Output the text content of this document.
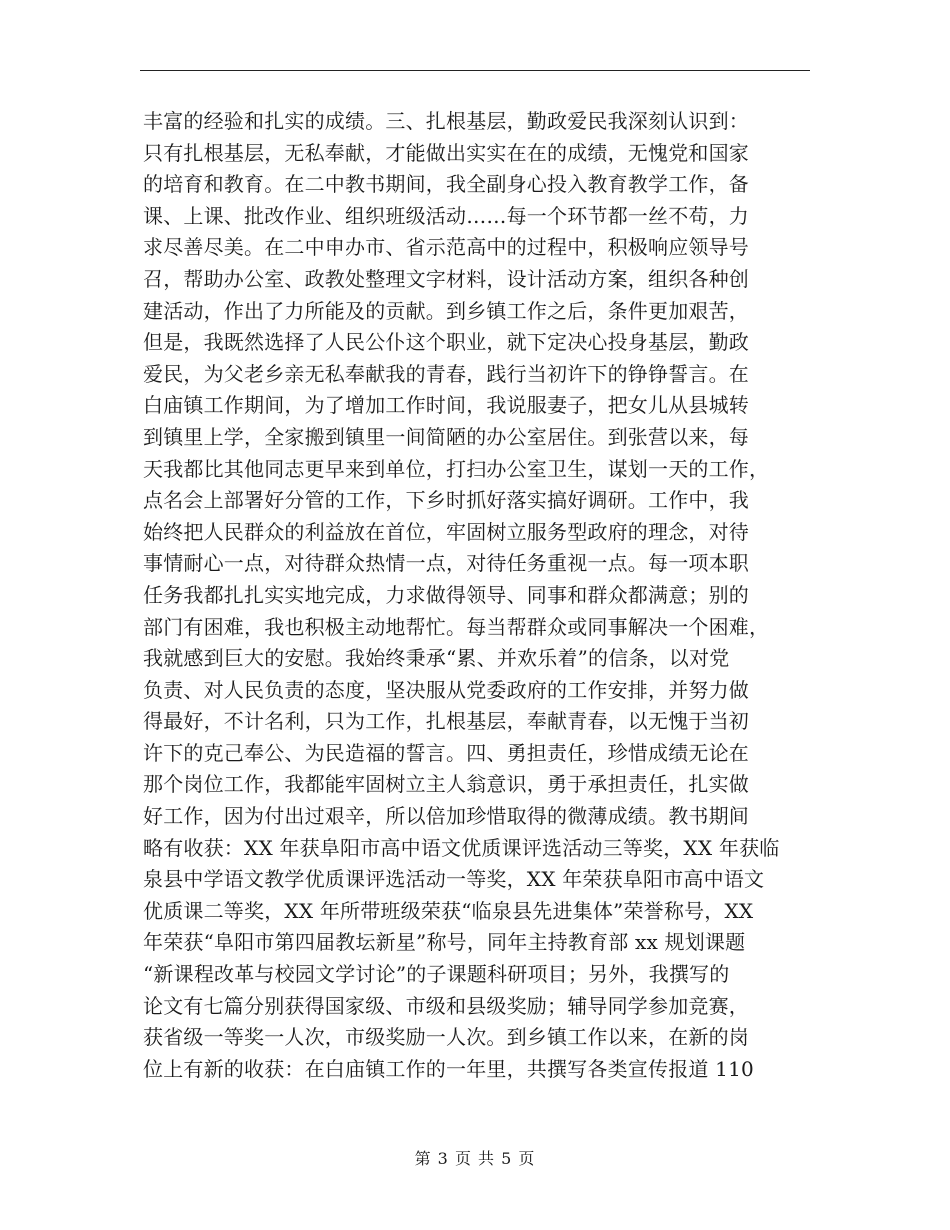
丰富的经验和扎实的成绩。三、扎根基层，勤政爱民我深刻认识到：
只有扎根基层，无私奉献，才能做出实实在在的成绩，无愧党和国家
的培育和教育。在二中教书期间，我全副身心投入教育教学工作，备
课、上课、批改作业、组织班级活动……每一个环节都一丝不苟，力
求尽善尽美。在二中申办市、省示范高中的过程中，积极响应领导号
召，帮助办公室、政教处整理文字材料，设计活动方案，组织各种创
建活动，作出了力所能及的贡献。到乡镇工作之后，条件更加艰苦，
但是，我既然选择了人民公仆这个职业，就下定决心投身基层，勤政
爱民，为父老乡亲无私奉献我的青春，践行当初许下的铮铮誓言。在
白庙镇工作期间，为了增加工作时间，我说服妻子，把女儿从县城转
到镇里上学，全家搬到镇里一间简陋的办公室居住。到张营以来，每
天我都比其他同志更早来到单位，打扫办公室卫生，谋划一天的工作，
点名会上部署好分管的工作，下乡时抓好落实搞好调研。工作中，我
始终把人民群众的利益放在首位，牢固树立服务型政府的理念，对待
事情耐心一点，对待群众热情一点，对待任务重视一点。每一项本职
任务我都扎扎实实地完成，力求做得领导、同事和群众都满意；别的
部门有困难，我也积极主动地帮忙。每当帮群众或同事解决一个困难，
我就感到巨大的安慰。我始终秉承“累、并欢乐着”的信条，以对党
负责、对人民负责的态度，坚决服从党委政府的工作安排，并努力做
得最好，不计名利，只为工作，扎根基层，奉献青春，以无愧于当初
许下的克己奉公、为民造福的誓言。四、勇担责任，珍惜成绩无论在
那个岗位工作，我都能牢固树立主人翁意识，勇于承担责任，扎实做
好工作，因为付出过艰辛，所以倍加珍惜取得的微薄成绩。教书期间
略有收获：XX 年获阜阳市高中语文优质课评选活动三等奖，XX 年获临
泉县中学语文教学优质课评选活动一等奖，XX 年荣获阜阳市高中语文
优质课二等奖，XX 年所带班级荣获“临泉县先进集体”荣誉称号，XX
年荣获“阜阳市第四届教坛新星”称号，同年主持教育部 xx 规划课题
“新课程改革与校园文学讨论”的子课题科研项目；另外，我撰写的
论文有七篇分别获得国家级、市级和县级奖励；辅导同学参加竞赛，
获省级一等奖一人次，市级奖励一人次。到乡镇工作以来，在新的岗
位上有新的收获：在白庙镇工作的一年里，共撰写各类宣传报道 110
第 3 页 共 5 页
